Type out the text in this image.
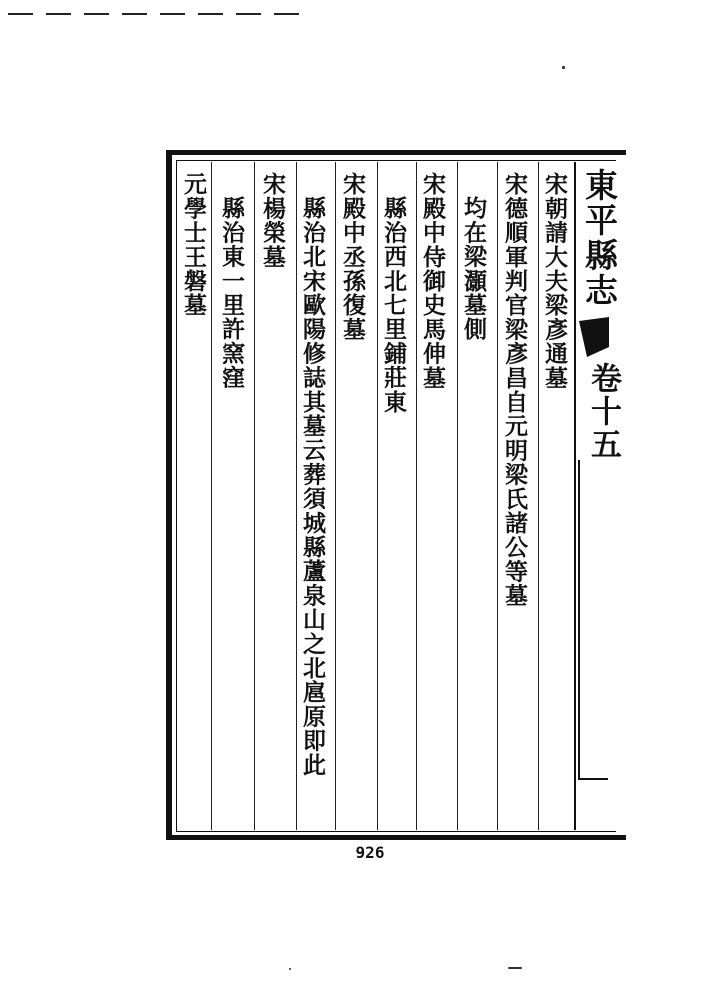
宋朝請大夫梁彥通墓
宋德順軍判官梁彥昌自元明梁氏諸公等墓
均在梁灝墓側
宋殿中侍御史馬伸墓
縣治西北七里鋪莊東
宋殿中丞孫復墓
縣治北宋歐陽修誌其墓云葬須城縣蘆泉山之北扈原即此
宋楊榮墓
縣治東一里許窯窪
元學士王磐墓	東平縣志
卷十五
926
